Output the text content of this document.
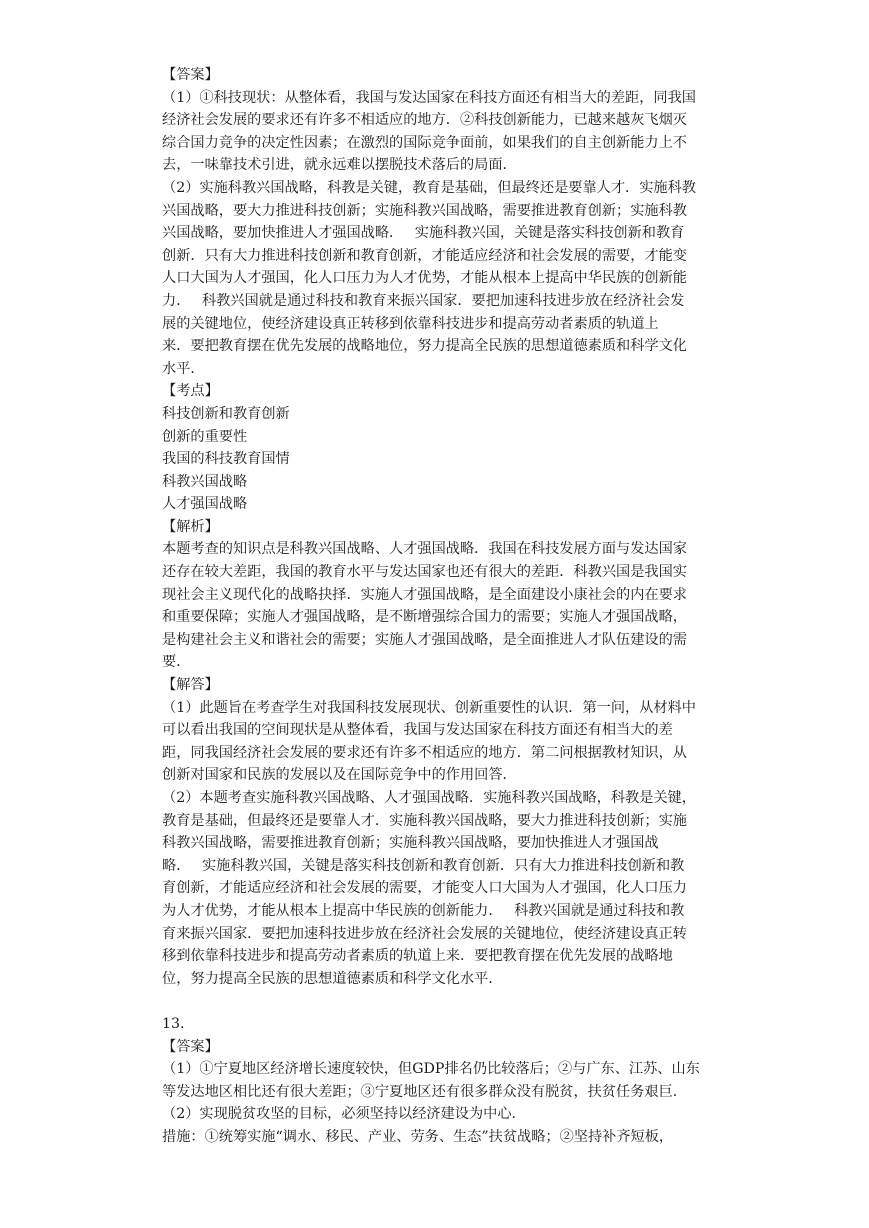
【答案】
（1）①科技现状：从整体看，我国与发达国家在科技方面还有相当大的差距，同我国
经济社会发展的要求还有许多不相适应的地方．②科技创新能力，已越来越灰飞烟灭
综合国力竞争的决定性因素；在激烈的国际竞争面前，如果我们的自主创新能力上不
去，一味靠技术引进，就永远难以摆脱技术落后的局面．
（2）实施科教兴国战略，科教是关键，教育是基础，但最终还是要靠人才．实施科教
兴国战略，要大力推进科技创新；实施科教兴国战略，需要推进教育创新；实施科教
兴国战略，要加快推进人才强国战略．　 实施科教兴国，关键是落实科技创新和教育
创新．只有大力推进科技创新和教育创新，才能适应经济和社会发展的需要，才能变
人口大国为人才强国，化人口压力为人才优势，才能从根本上提高中华民族的创新能
力．　 科教兴国就是通过科技和教育来振兴国家．要把加速科技进步放在经济社会发
展的关键地位，使经济建设真正转移到依靠科技进步和提高劳动者素质的轨道上
来．要把教育摆在优先发展的战略地位，努力提高全民族的思想道德素质和科学文化
水平．
【考点】
科技创新和教育创新
创新的重要性
我国的科技教育国情
科教兴国战略
人才强国战略
【解析】
本题考查的知识点是科教兴国战略、人才强国战略．我国在科技发展方面与发达国家
还存在较大差距，我国的教育水平与发达国家也还有很大的差距．科教兴国是我国实
现社会主义现代化的战略抉择．实施人才强国战略，是全面建设小康社会的内在要求
和重要保障；实施人才强国战略，是不断增强综合国力的需要；实施人才强国战略，
是构建社会主义和谐社会的需要；实施人才强国战略，是全面推进人才队伍建设的需
要．
【解答】
（1）此题旨在考查学生对我国科技发展现状、创新重要性的认识．第一问，从材料中
可以看出我国的空间现状是从整体看，我国与发达国家在科技方面还有相当大的差
距，同我国经济社会发展的要求还有许多不相适应的地方．第二问根据教材知识，从
创新对国家和民族的发展以及在国际竞争中的作用回答．
（2）本题考查实施科教兴国战略、人才强国战略．实施科教兴国战略，科教是关键，
教育是基础，但最终还是要靠人才．实施科教兴国战略，要大力推进科技创新；实施
科教兴国战略，需要推进教育创新；实施科教兴国战略，要加快推进人才强国战
略．　 实施科教兴国，关键是落实科技创新和教育创新．只有大力推进科技创新和教
育创新，才能适应经济和社会发展的需要，才能变人口大国为人才强国，化人口压力
为人才优势，才能从根本上提高中华民族的创新能力．　 科教兴国就是通过科技和教
育来振兴国家．要把加速科技进步放在经济社会发展的关键地位，使经济建设真正转
移到依靠科技进步和提高劳动者素质的轨道上来．要把教育摆在优先发展的战略地
位，努力提高全民族的思想道德素质和科学文化水平．
13.
【答案】
（1）①宁夏地区经济增长速度较快，但GDP排名仍比较落后；②与广东、江苏、山东
等发达地区相比还有很大差距；③宁夏地区还有很多群众没有脱贫，扶贫任务艰巨．
（2）实现脱贫攻坚的目标，必须坚持以经济建设为中心．
措施：①统筹实施“调水、移民、产业、劳务、生态”扶贫战略；②坚持补齐短板，
